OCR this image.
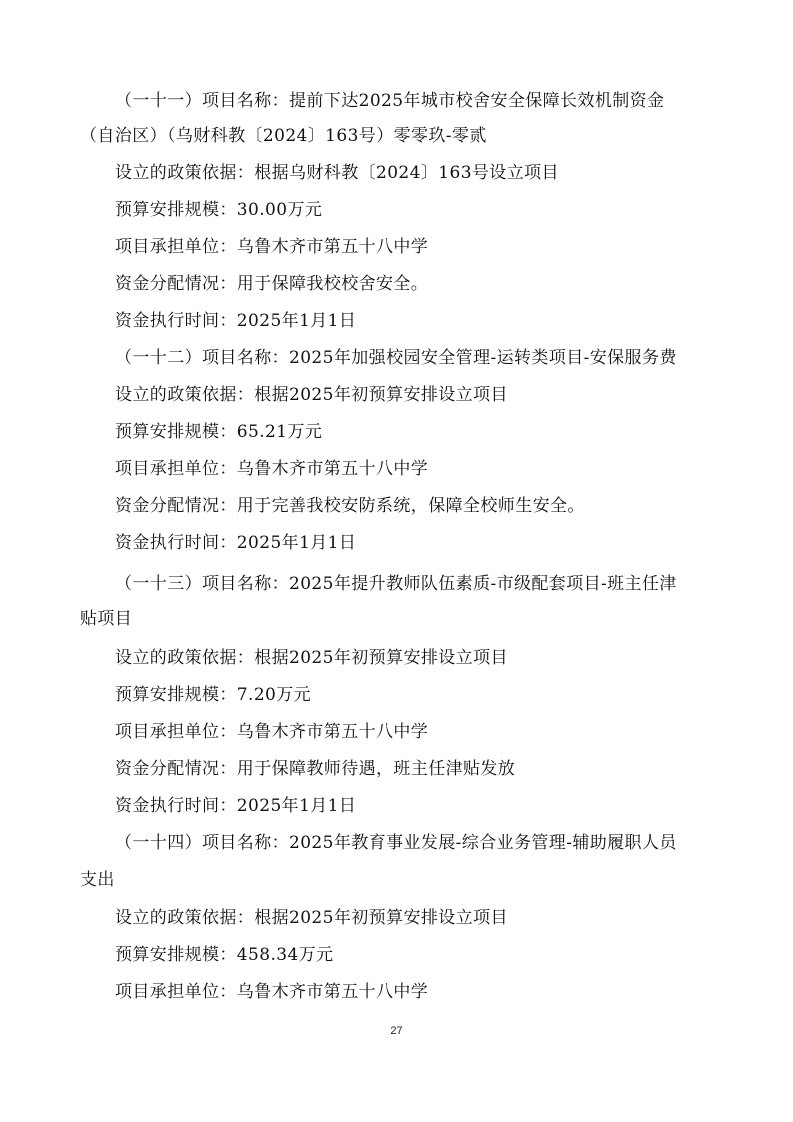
（一十一）项目名称：提前下达2025年城市校舍安全保障长效机制资金
（自治区）（乌财科教〔2024〕163号）零零玖-零贰
设立的政策依据：根据乌财科教〔2024〕163号设立项目
预算安排规模：30.00万元
项目承担单位：乌鲁木齐市第五十八中学
资金分配情况：用于保障我校校舍安全。
资金执行时间：2025年1月1日
（一十二）项目名称：2025年加强校园安全管理-运转类项目-安保服务费
设立的政策依据：根据2025年初预算安排设立项目
预算安排规模：65.21万元
项目承担单位：乌鲁木齐市第五十八中学
资金分配情况：用于完善我校安防系统，保障全校师生安全。
资金执行时间：2025年1月1日
（一十三）项目名称：2025年提升教师队伍素质-市级配套项目-班主任津
贴项目
设立的政策依据：根据2025年初预算安排设立项目
预算安排规模：7.20万元
项目承担单位：乌鲁木齐市第五十八中学
资金分配情况：用于保障教师待遇，班主任津贴发放
资金执行时间：2025年1月1日
（一十四）项目名称：2025年教育事业发展-综合业务管理-辅助履职人员
支出
设立的政策依据：根据2025年初预算安排设立项目
预算安排规模：458.34万元
项目承担单位：乌鲁木齐市第五十八中学
27
